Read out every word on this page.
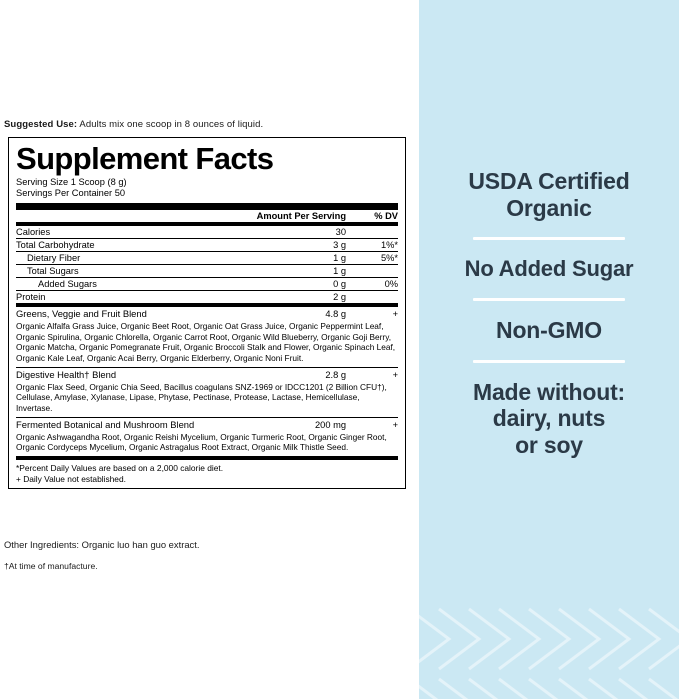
Suggested Use: Adults mix one scoop in 8 ounces of liquid.
Supplement Facts
Serving Size 1 Scoop (8 g)
Servings Per Container 50
	Amount Per Serving	% DV
Calories	30	
Total Carbohydrate	3 g	1%*
Dietary Fiber	1 g	5%*
Total Sugars	1 g	
Added Sugars	0 g	0%
Protein	2 g	
Greens, Veggie and Fruit Blend	4.8 g	+
Organic Alfalfa Grass Juice, Organic Beet Root, Organic Oat Grass Juice, Organic Peppermint Leaf, Organic Spirulina, Organic Chlorella, Organic Carrot Root, Organic Wild Blueberry, Organic Goji Berry, Organic Matcha, Organic Pomegranate Fruit, Organic Broccoli Stalk and Flower, Organic Spinach Leaf, Organic Kale Leaf, Organic Acai Berry, Organic Elderberry, Organic Noni Fruit.
Digestive Health† Blend	2.8 g	+
Organic Flax Seed, Organic Chia Seed, Bacillus coagulans SNZ-1969 or IDCC1201 (2 Billion CFU†), Cellulase, Amylase, Xylanase, Lipase, Phytase, Pectinase, Protease, Lactase, Hemicellulase, Invertase.
Fermented Botanical and Mushroom Blend	200 mg	+
Organic Ashwagandha Root, Organic Reishi Mycelium, Organic Turmeric Root, Organic Ginger Root, Organic Cordyceps Mycelium, Organic Astragalus Root Extract, Organic Milk Thistle Seed.
*Percent Daily Values are based on a 2,000 calorie diet.
+ Daily Value not established.
Other Ingredients: Organic luo han guo extract.
†At time of manufacture.
USDA Certified
Organic
No Added Sugar
Non-GMO
Made without:
dairy, nuts
or soy
